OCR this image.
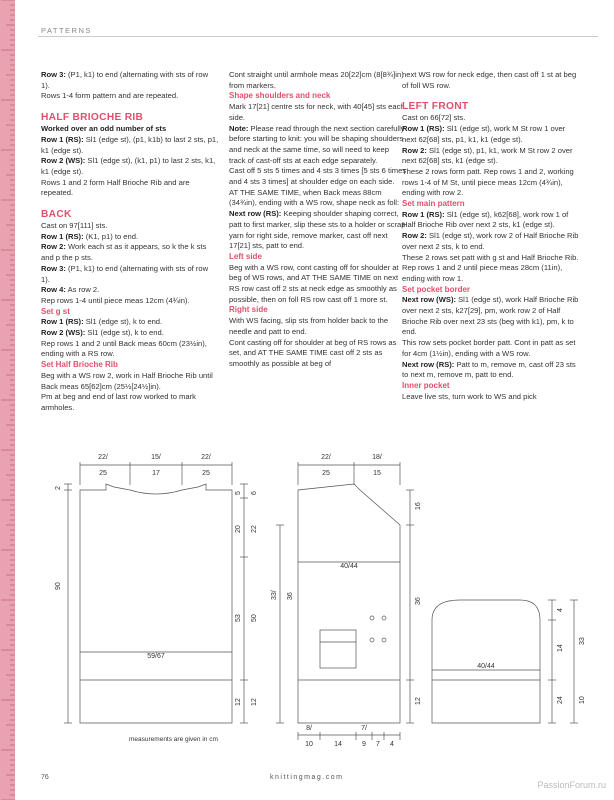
PATTERNS

Row 3: (P1, k1) to end (alternating with sts of row 1).

Rows 1-4 form pattern and are repeated.

HALF BRIOCHE RIB

Worked over an odd number of sts

Row 1 (RS): Sl1 (edge st), (p1, k1b) to last 2 sts, p1, k1 (edge st).

Row 2 (WS): Sl1 (edge st), (k1, p1) to last 2 sts, k1, k1 (edge st).

Rows 1 and 2 form Half Brioche Rib and are repeated.

BACK

Cast on 97[111] sts.

Row 1 (RS): (K1, p1) to end.

Row 2: Work each st as it appears, so k the k sts and p the p sts.

Row 3: (P1, k1) to end (alternating with sts of row 1).

Row 4: As row 2.

Rep rows 1-4 until piece meas 12cm (4¾in).

Set g st

Row 1 (RS): Sl1 (edge st), k to end.

Row 2 (WS): Sl1 (edge st), k to end.

Rep rows 1 and 2 until Back meas 60cm (23½in), ending with a RS row.

Set Half Brioche Rib

Beg with a WS row 2, work in Half Brioche Rib until Back meas 65[62]cm (25½[24½]in).

Pm at beg and end of last row worked to mark armholes.

Cont straight until armhole meas 20[22]cm (8[8¾]in) from markers.

Shape shoulders and neck

Mark 17[21] centre sts for neck, with 40[45] sts each side.

Note: Please read through the next section carefully before starting to knit: you will be shaping shoulders and neck at the same time, so will need to keep track of cast-off sts at each edge separately.

Cast off 5 sts 5 times and 4 sts 3 times [5 sts 6 times and 4 sts 3 times] at shoulder edge on each side.

AT THE SAME TIME, when Back meas 88cm (34¾in), ending with a WS row, shape neck as foll:

Next row (RS): Keeping shoulder shaping correct, patt to first marker, slip these sts to a holder or scrap yarn for right side, remove marker, cast off next 17[21] sts, patt to end.

Left side

Beg with a WS row, cont casting off for shoulder at beg of WS rows, and AT THE SAME TIME on next RS row cast off 2 sts at neck edge as smoothly as possible, then on foll RS row cast off 1 more st.

Right side

With WS facing, slip sts from holder back to the needle and patt to end.

Cont casting off for shoulder at beg of RS rows as set, and AT THE SAME TIME cast off 2 sts as smoothly as possible at beg of

next WS row for neck edge, then cast off 1 st at beg of foll WS row.

LEFT FRONT

Cast on 66[72] sts.

Row 1 (RS): Sl1 (edge st), work M St row 1 over next 62[68] sts, p1, k1, k1 (edge st).

Row 2: Sl1 (edge st), p1, k1, work M St row 2 over next 62[68] sts, k1 (edge st).

These 2 rows form patt. Rep rows 1 and 2, working rows 1-4 of M St, until piece meas 12cm (4¾in), ending with row 2.

Set main pattern

Row 1 (RS): Sl1 (edge st), k62[68], work row 1 of Half Brioche Rib over next 2 sts, k1 (edge st).

Row 2: Sl1 (edge st), work row 2 of Half Brioche Rib over next 2 sts, k to end.

These 2 rows set patt with g st and Half Brioche Rib. Rep rows 1 and 2 until piece meas 28cm (11in), ending with row 1.

Set pocket border

Next row (WS): Sl1 (edge st), work Half Brioche Rib over next 2 sts, k27[29], pm, work row 2 of Half Brioche Rib over next 23 sts (beg with k1), pm, k to end.

This row sets pocket border patt. Cont in patt as set for 4cm (1½in), ending with a WS row.

Next row (RS): Patt to m, remove m, cast off 23 sts to next m, remove m, patt to end.

Inner pocket

Leave live sts, turn work to WS and pick

22/	15/	22/
25	17	25
2
90
59/67
5 6
20 22
53 50
12 12
22/	18/
25	15
40/44
33/ 36
16
36
12
8/	7/
10	14	9 7 4
40/44
4
14
24
33
10
measurements are given in cm
76	knittingmag.com
PassionForum.ru
